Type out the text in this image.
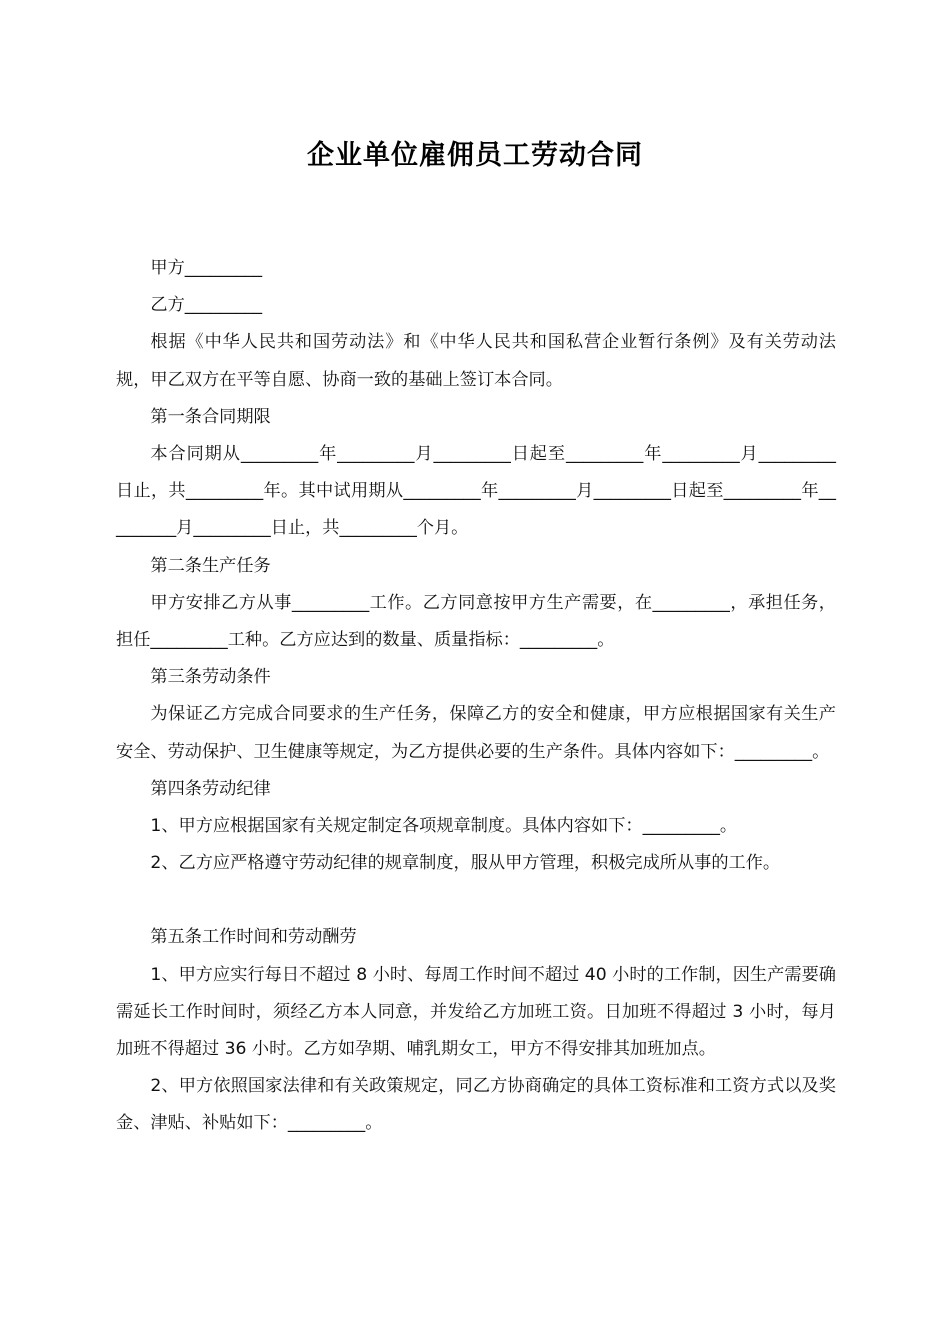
企业单位雇佣员工劳动合同

甲方_________

乙方_________

根据《中华人民共和国劳动法》和《中华人民共和国私营企业暂行条例》及有关劳动法规，甲乙双方在平等自愿、协商一致的基础上签订本合同。

第一条合同期限

本合同期从_________年_________月_________日起至_________年_________月_________日止，共_________年。其中试用期从_________年_________月_________日起至_________年_________月_________日止，共_________个月。

第二条生产任务

甲方安排乙方从事_________工作。乙方同意按甲方生产需要，在_________，承担任务，担任_________工种。乙方应达到的数量、质量指标：_________。

第三条劳动条件

为保证乙方完成合同要求的生产任务，保障乙方的安全和健康，甲方应根据国家有关生产安全、劳动保护、卫生健康等规定，为乙方提供必要的生产条件。具体内容如下：_________。

第四条劳动纪律

1、甲方应根据国家有关规定制定各项规章制度。具体内容如下：_________。

2、乙方应严格遵守劳动纪律的规章制度，服从甲方管理，积极完成所从事的工作。

第五条工作时间和劳动酬劳

1、甲方应实行每日不超过 8 小时、每周工作时间不超过 40 小时的工作制，因生产需要确需延长工作时间时，须经乙方本人同意，并发给乙方加班工资。日加班不得超过 3 小时，每月加班不得超过 36 小时。乙方如孕期、哺乳期女工，甲方不得安排其加班加点。

2、甲方依照国家法律和有关政策规定，同乙方协商确定的具体工资标准和工资方式以及奖金、津贴、补贴如下：_________。
